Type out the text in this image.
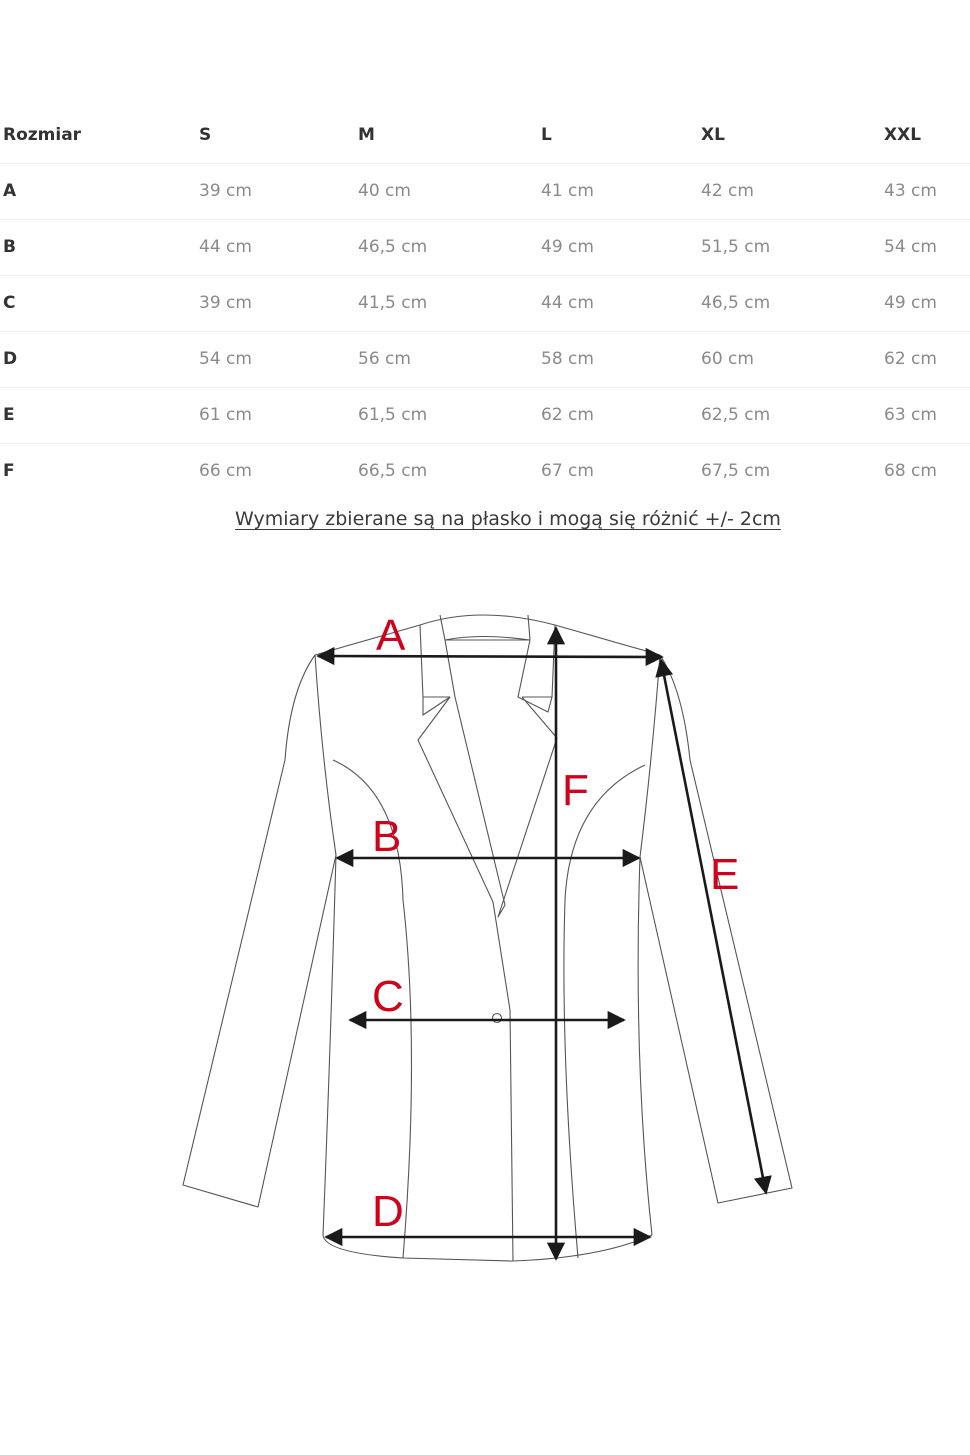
Rozmiar	S	M	L	XL	XXL
A	39 cm	40 cm	41 cm	42 cm	43 cm
B	44 cm	46,5 cm	49 cm	51,5 cm	54 cm
C	39 cm	41,5 cm	44 cm	46,5 cm	49 cm
D	54 cm	56 cm	58 cm	60 cm	62 cm
E	61 cm	61,5 cm	62 cm	62,5 cm	63 cm
F	66 cm	66,5 cm	67 cm	67,5 cm	68 cm
Wymiary zbierane są na płasko i mogą się różnić +/- 2cm
A
B
C
D
E
F
